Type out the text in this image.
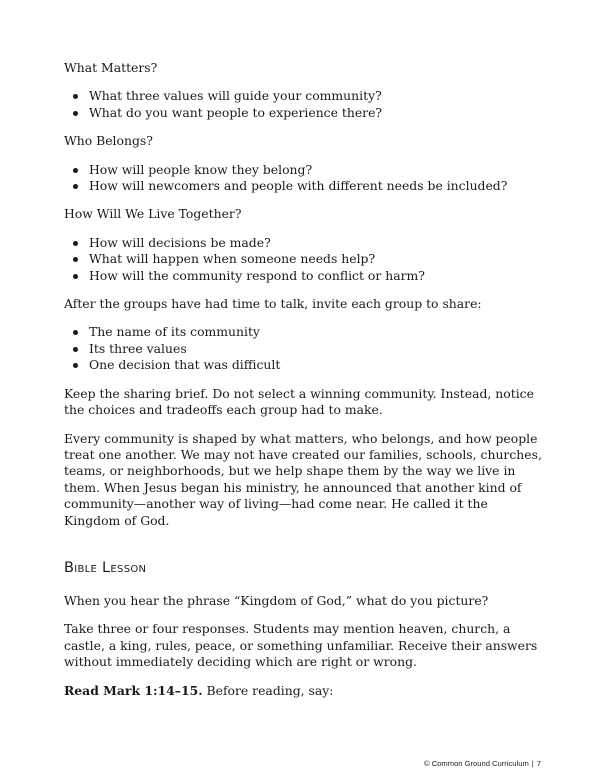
What Matters?

What three values will guide your community?
What do you want people to experience there?

Who Belongs?

How will people know they belong?
How will newcomers and people with different needs be included?

How Will We Live Together?

How will decisions be made?
What will happen when someone needs help?
How will the community respond to conflict or harm?

After the groups have had time to talk, invite each group to share:

The name of its community
Its three values
One decision that was difficult

Keep the sharing brief. Do not select a winning community. Instead, notice the choices and tradeoffs each group had to make.

Every community is shaped by what matters, who belongs, and how people treat one another. We may not have created our families, schools, churches, teams, or neighborhoods, but we help shape them by the way we live in them. When Jesus began his ministry, he announced that another kind of community—another way of living—had come near. He called it the Kingdom of God.

Bible Lesson

When you hear the phrase “Kingdom of God,” what do you picture?

Take three or four responses. Students may mention heaven, church, a castle, a king, rules, peace, or something unfamiliar. Receive their answers without immediately deciding which are right or wrong.

Read Mark 1:14–15. Before reading, say:

© Common Ground Curriculum | 7
